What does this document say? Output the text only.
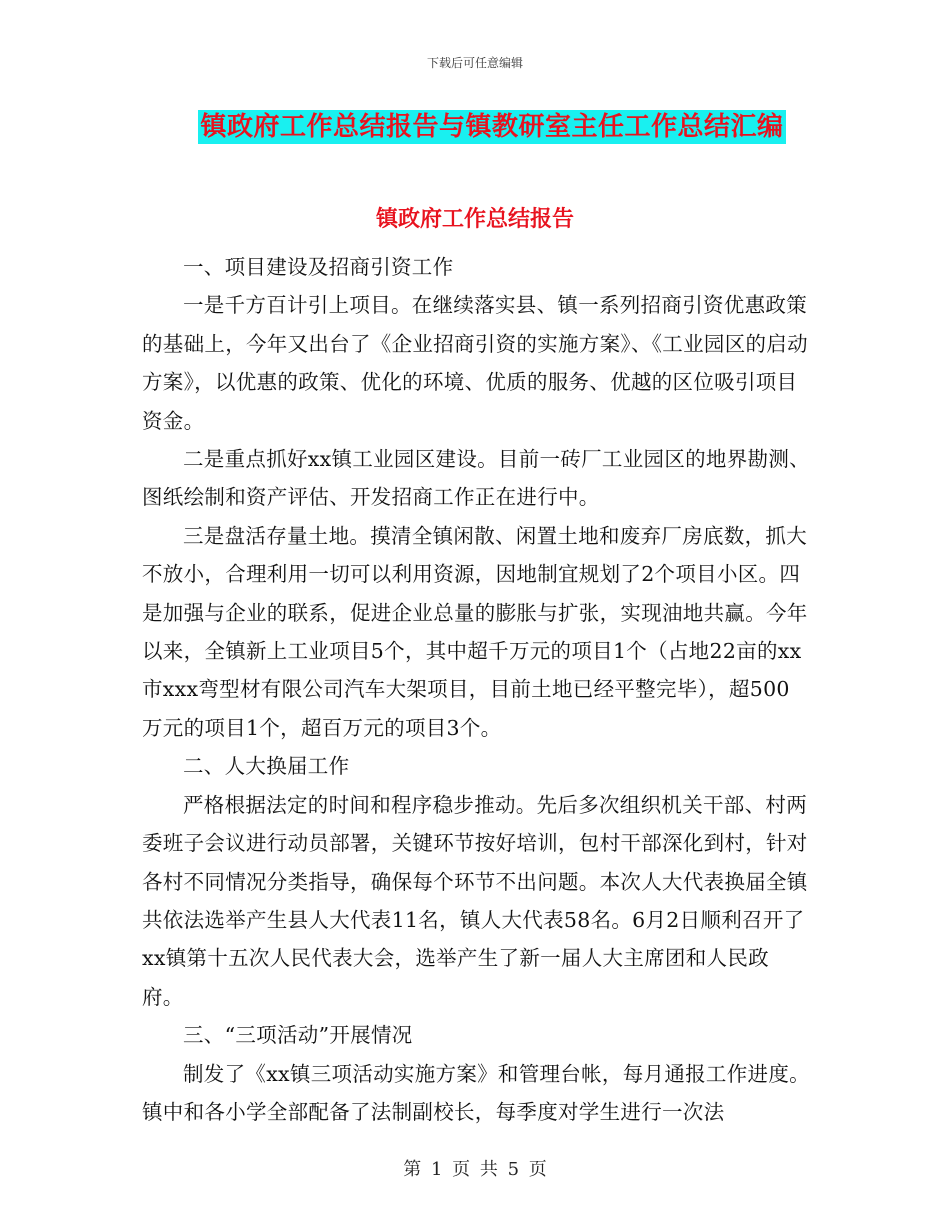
下载后可任意编辑
镇政府工作总结报告与镇教研室主任工作总结汇编
镇政府工作总结报告

一、项目建设及招商引资工作

一是千方百计引上项目。在继续落实县、镇一系列招商引资优惠政策的基础上，今年又出台了《企业招商引资的实施方案》、《工业园区的启动方案》，以优惠的政策、优化的环境、优质的服务、优越的区位吸引项目资金。

二是重点抓好xx镇工业园区建设。目前一砖厂工业园区的地界勘测、图纸绘制和资产评估、开发招商工作正在进行中。

三是盘活存量土地。摸清全镇闲散、闲置土地和废弃厂房底数，抓大不放小，合理利用一切可以利用资源，因地制宜规划了2个项目小区。四是加强与企业的联系，促进企业总量的膨胀与扩张，实现油地共赢。今年以来，全镇新上工业项目5个，其中超千万元的项目1个（占地22亩的xx市xxx弯型材有限公司汽车大架项目，目前土地已经平整完毕），超500万元的项目1个，超百万元的项目3个。

二、人大换届工作

严格根据法定的时间和程序稳步推动。先后多次组织机关干部、村两委班子会议进行动员部署，关键环节按好培训，包村干部深化到村，针对各村不同情况分类指导，确保每个环节不出问题。本次人大代表换届全镇共依法选举产生县人大代表11名，镇人大代表58名。6月2日顺利召开了xx镇第十五次人民代表大会，选举产生了新一届人大主席团和人民政府。

三、“三项活动”开展情况

制发了《xx镇三项活动实施方案》和管理台帐，每月通报工作进度。镇中和各小学全部配备了法制副校长，每季度对学生进行一次法

第 1 页 共 5 页
